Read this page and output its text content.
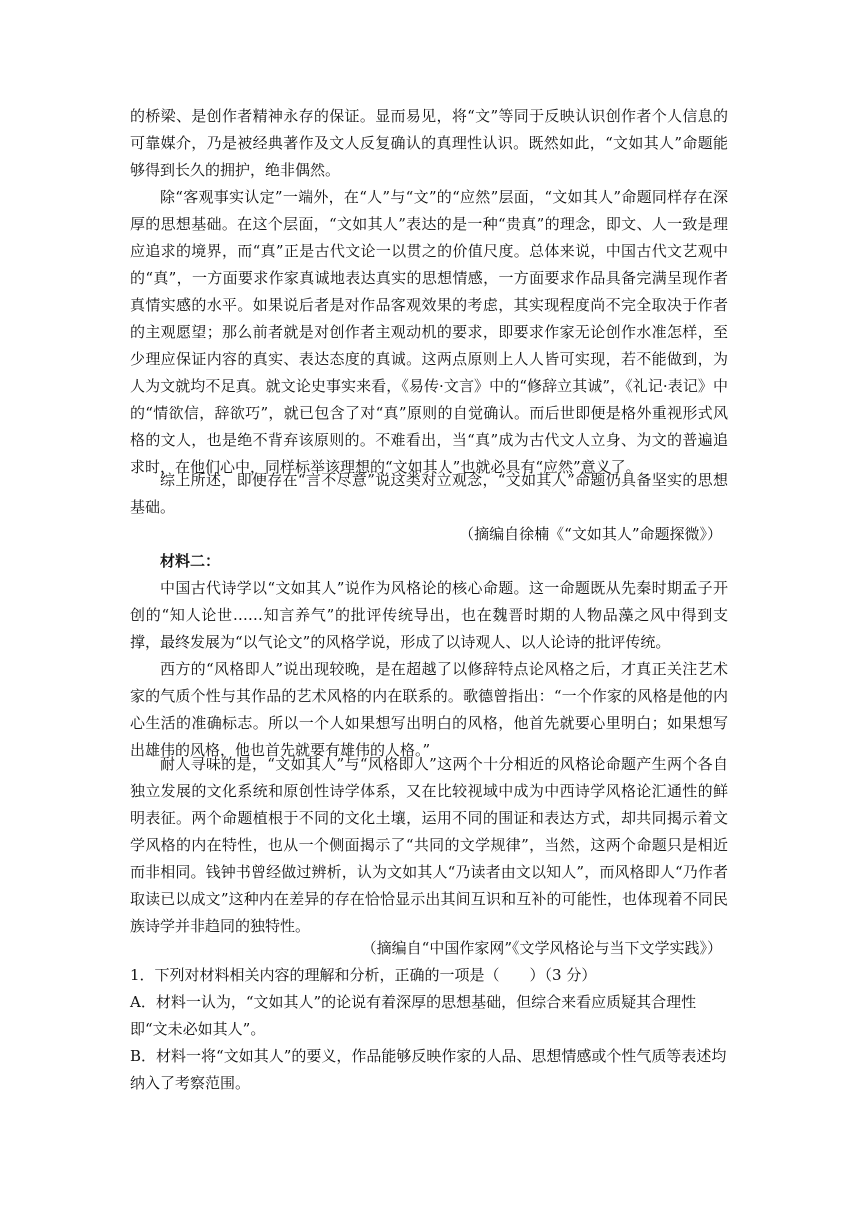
的桥梁、是创作者精神永存的保证。显而易见，将“文”等同于反映认识创作者个人信息的可靠媒介，乃是被经典著作及文人反复确认的真理性认识。既然如此，“文如其人”命题能够得到长久的拥护，绝非偶然。

除“客观事实认定”一端外，在“人”与“文”的“应然”层面，“文如其人”命题同样存在深厚的思想基础。在这个层面，“文如其人”表达的是一种“贵真”的理念，即文、人一致是理应追求的境界，而“真”正是古代文论一以贯之的价值尺度。总体来说，中国古代文艺观中的“真”，一方面要求作家真诚地表达真实的思想情感，一方面要求作品具备完满呈现作者真情实感的水平。如果说后者是对作品客观效果的考虑，其实现程度尚不完全取决于作者的主观愿望；那么前者就是对创作者主观动机的要求，即要求作家无论创作水准怎样，至少理应保证内容的真实、表达态度的真诚。这两点原则上人人皆可实现，若不能做到，为人为文就均不足真。就文论史事实来看，《易传·文言》中的“修辞立其诚”，《礼记·表记》中的“情欲信，辞欲巧”，就已包含了对“真”原则的自觉确认。而后世即便是格外重视形式风格的文人，也是绝不背弃该原则的。不难看出，当“真”成为古代文人立身、为文的普遍追求时，在他们心中，同样标举该理想的“文如其人”也就必具有“应然”意义了。

综上所述，即便存在“言不尽意”说这类对立观念，“文如其人”命题仍具备坚实的思想基础。

（摘编自徐楠《“文如其人”命题探微》）
材料二：

中国古代诗学以“文如其人”说作为风格论的核心命题。这一命题既从先秦时期孟子开创的“知人论世……知言养气”的批评传统导出，也在魏晋时期的人物品藻之风中得到支撑，最终发展为“以气论文”的风格学说，形成了以诗观人、以人论诗的批评传统。

西方的“风格即人”说出现较晚，是在超越了以修辞特点论风格之后，才真正关注艺术家的气质个性与其作品的艺术风格的内在联系的。歌德曾指出：“一个作家的风格是他的内心生活的准确标志。所以一个人如果想写出明白的风格，他首先就要心里明白；如果想写出雄伟的风格，他也首先就要有雄伟的人格。”

耐人寻味的是，“文如其人”与“风格即人”这两个十分相近的风格论命题产生两个各自独立发展的文化系统和原创性诗学体系，又在比较视域中成为中西诗学风格论汇通性的鲜明表征。两个命题植根于不同的文化土壤，运用不同的围证和表达方式，却共同揭示着文学风格的内在特性，也从一个侧面揭示了“共同的文学规律”，当然，这两个命题只是相近而非相同。钱钟书曾经做过辨析，认为文如其人“乃读者由文以知人”，而风格即人“乃作者取读已以成文”这种内在差异的存在恰恰显示出其间互识和互补的可能性，也体现着不同民族诗学并非趋同的独特性。

（摘编自“中国作家网”《文学风格论与当下文学实践》）

1．下列对材料相关内容的理解和分析，正确的一项是（　　）（3 分）

A．材料一认为，“文如其人”的论说有着深厚的思想基础，但综合来看应质疑其合理性即“文未必如其人”。

B．材料一将“文如其人”的要义，作品能够反映作家的人品、思想情感或个性气质等表述均纳入了考察范围。
